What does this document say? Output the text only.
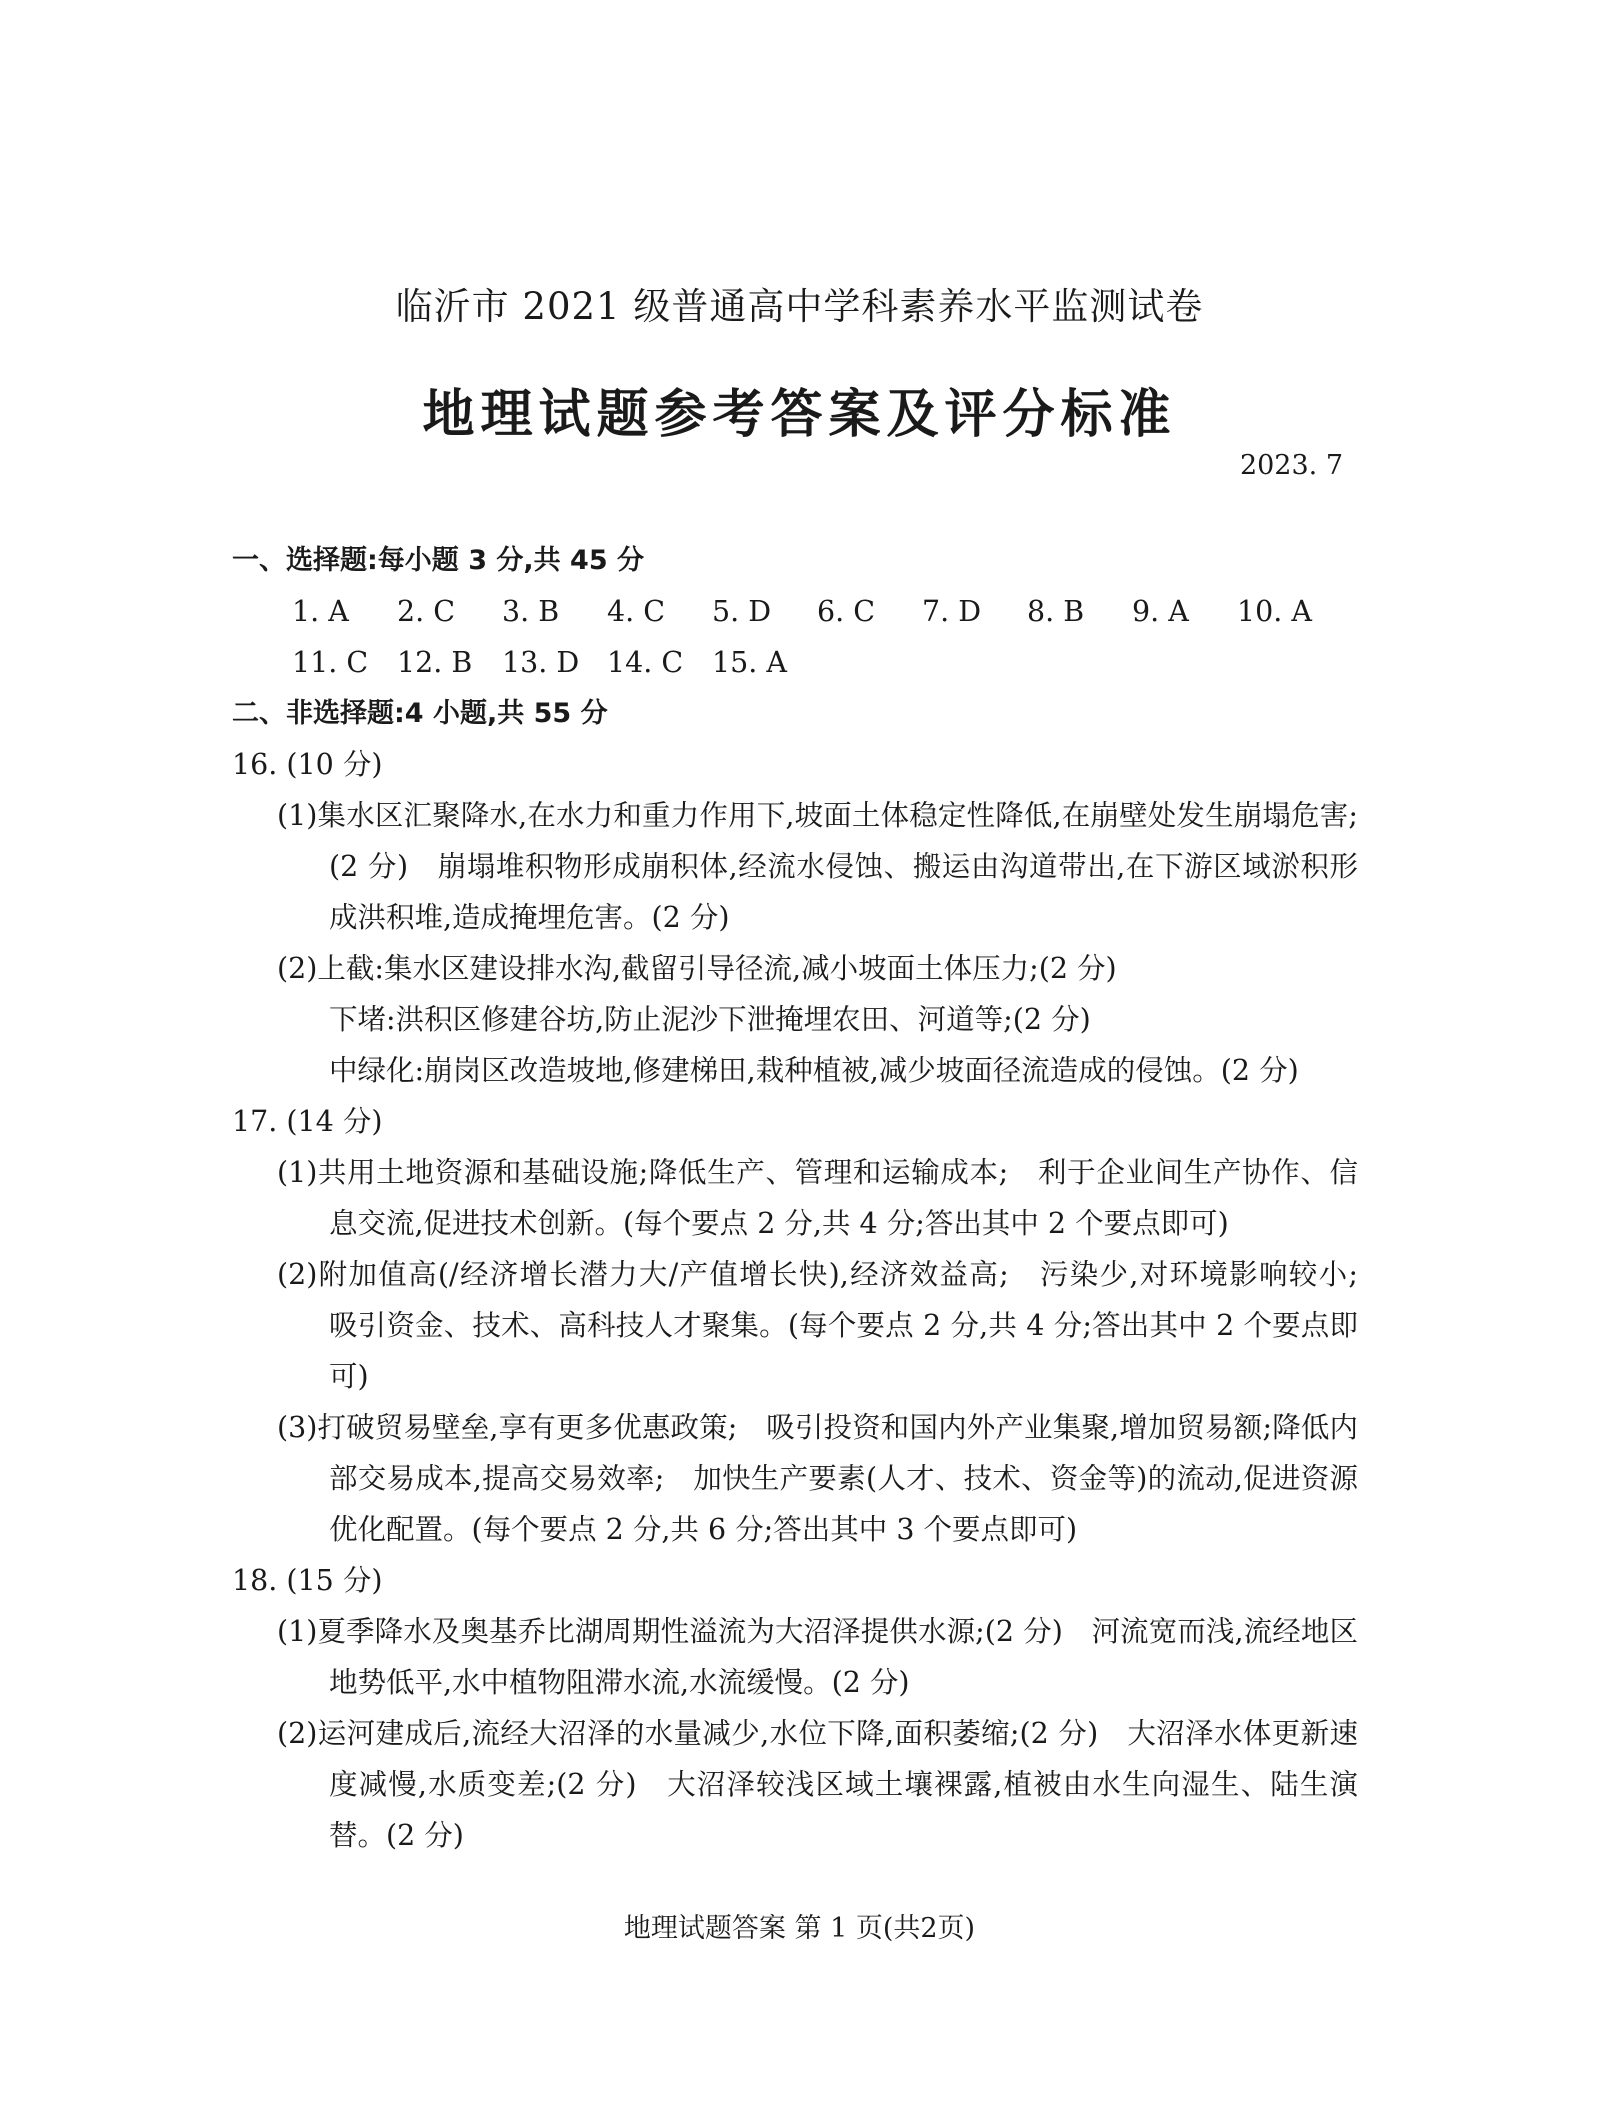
临沂市 2021 级普通高中学科素养水平监测试卷
地理试题参考答案及评分标准
2023. 7
一、选择题:每小题 3 分,共 45 分
1. A	2. C	3. B	4. C	5. D	6. C	7. D	8. B	9. A	10. A
11. C	12. B	13. D 14. C	15. A
二、非选择题:4 小题,共 55 分
16. (10 分)
(1)集水区汇聚降水,在水力和重力作用下,坡面土体稳定性降低,在崩壁处发生崩塌危害;(2 分)　崩塌堆积物形成崩积体,经流水侵蚀、搬运由沟道带出,在下游区域淤积形成洪积堆,造成掩埋危害。(2 分)
(2)上截:集水区建设排水沟,截留引导径流,减小坡面土体压力;(2 分)
下堵:洪积区修建谷坊,防止泥沙下泄掩埋农田、河道等;(2 分)
中绿化:崩岗区改造坡地,修建梯田,栽种植被,减少坡面径流造成的侵蚀。(2 分)
17. (14 分)
(1)共用土地资源和基础设施;降低生产、管理和运输成本;　利于企业间生产协作、信息交流,促进技术创新。(每个要点 2 分,共 4 分;答出其中 2 个要点即可)
(2)附加值高(/经济增长潜力大/产值增长快),经济效益高;　污染少,对环境影响较小;　吸引资金、技术、高科技人才聚集。(每个要点 2 分,共 4 分;答出其中 2 个要点即可)
(3)打破贸易壁垒,享有更多优惠政策;　吸引投资和国内外产业集聚,增加贸易额;降低内部交易成本,提高交易效率;　加快生产要素(人才、技术、资金等)的流动,促进资源优化配置。(每个要点 2 分,共 6 分;答出其中 3 个要点即可)
18. (15 分)
(1)夏季降水及奥基乔比湖周期性溢流为大沼泽提供水源;(2 分)　河流宽而浅,流经地区地势低平,水中植物阻滞水流,水流缓慢。(2 分)
(2)运河建成后,流经大沼泽的水量减少,水位下降,面积萎缩;(2 分)　大沼泽水体更新速度减慢,水质变差;(2 分)　大沼泽较浅区域土壤裸露,植被由水生向湿生、陆生演替。(2 分)
地理试题答案 第 1 页(共2页)
